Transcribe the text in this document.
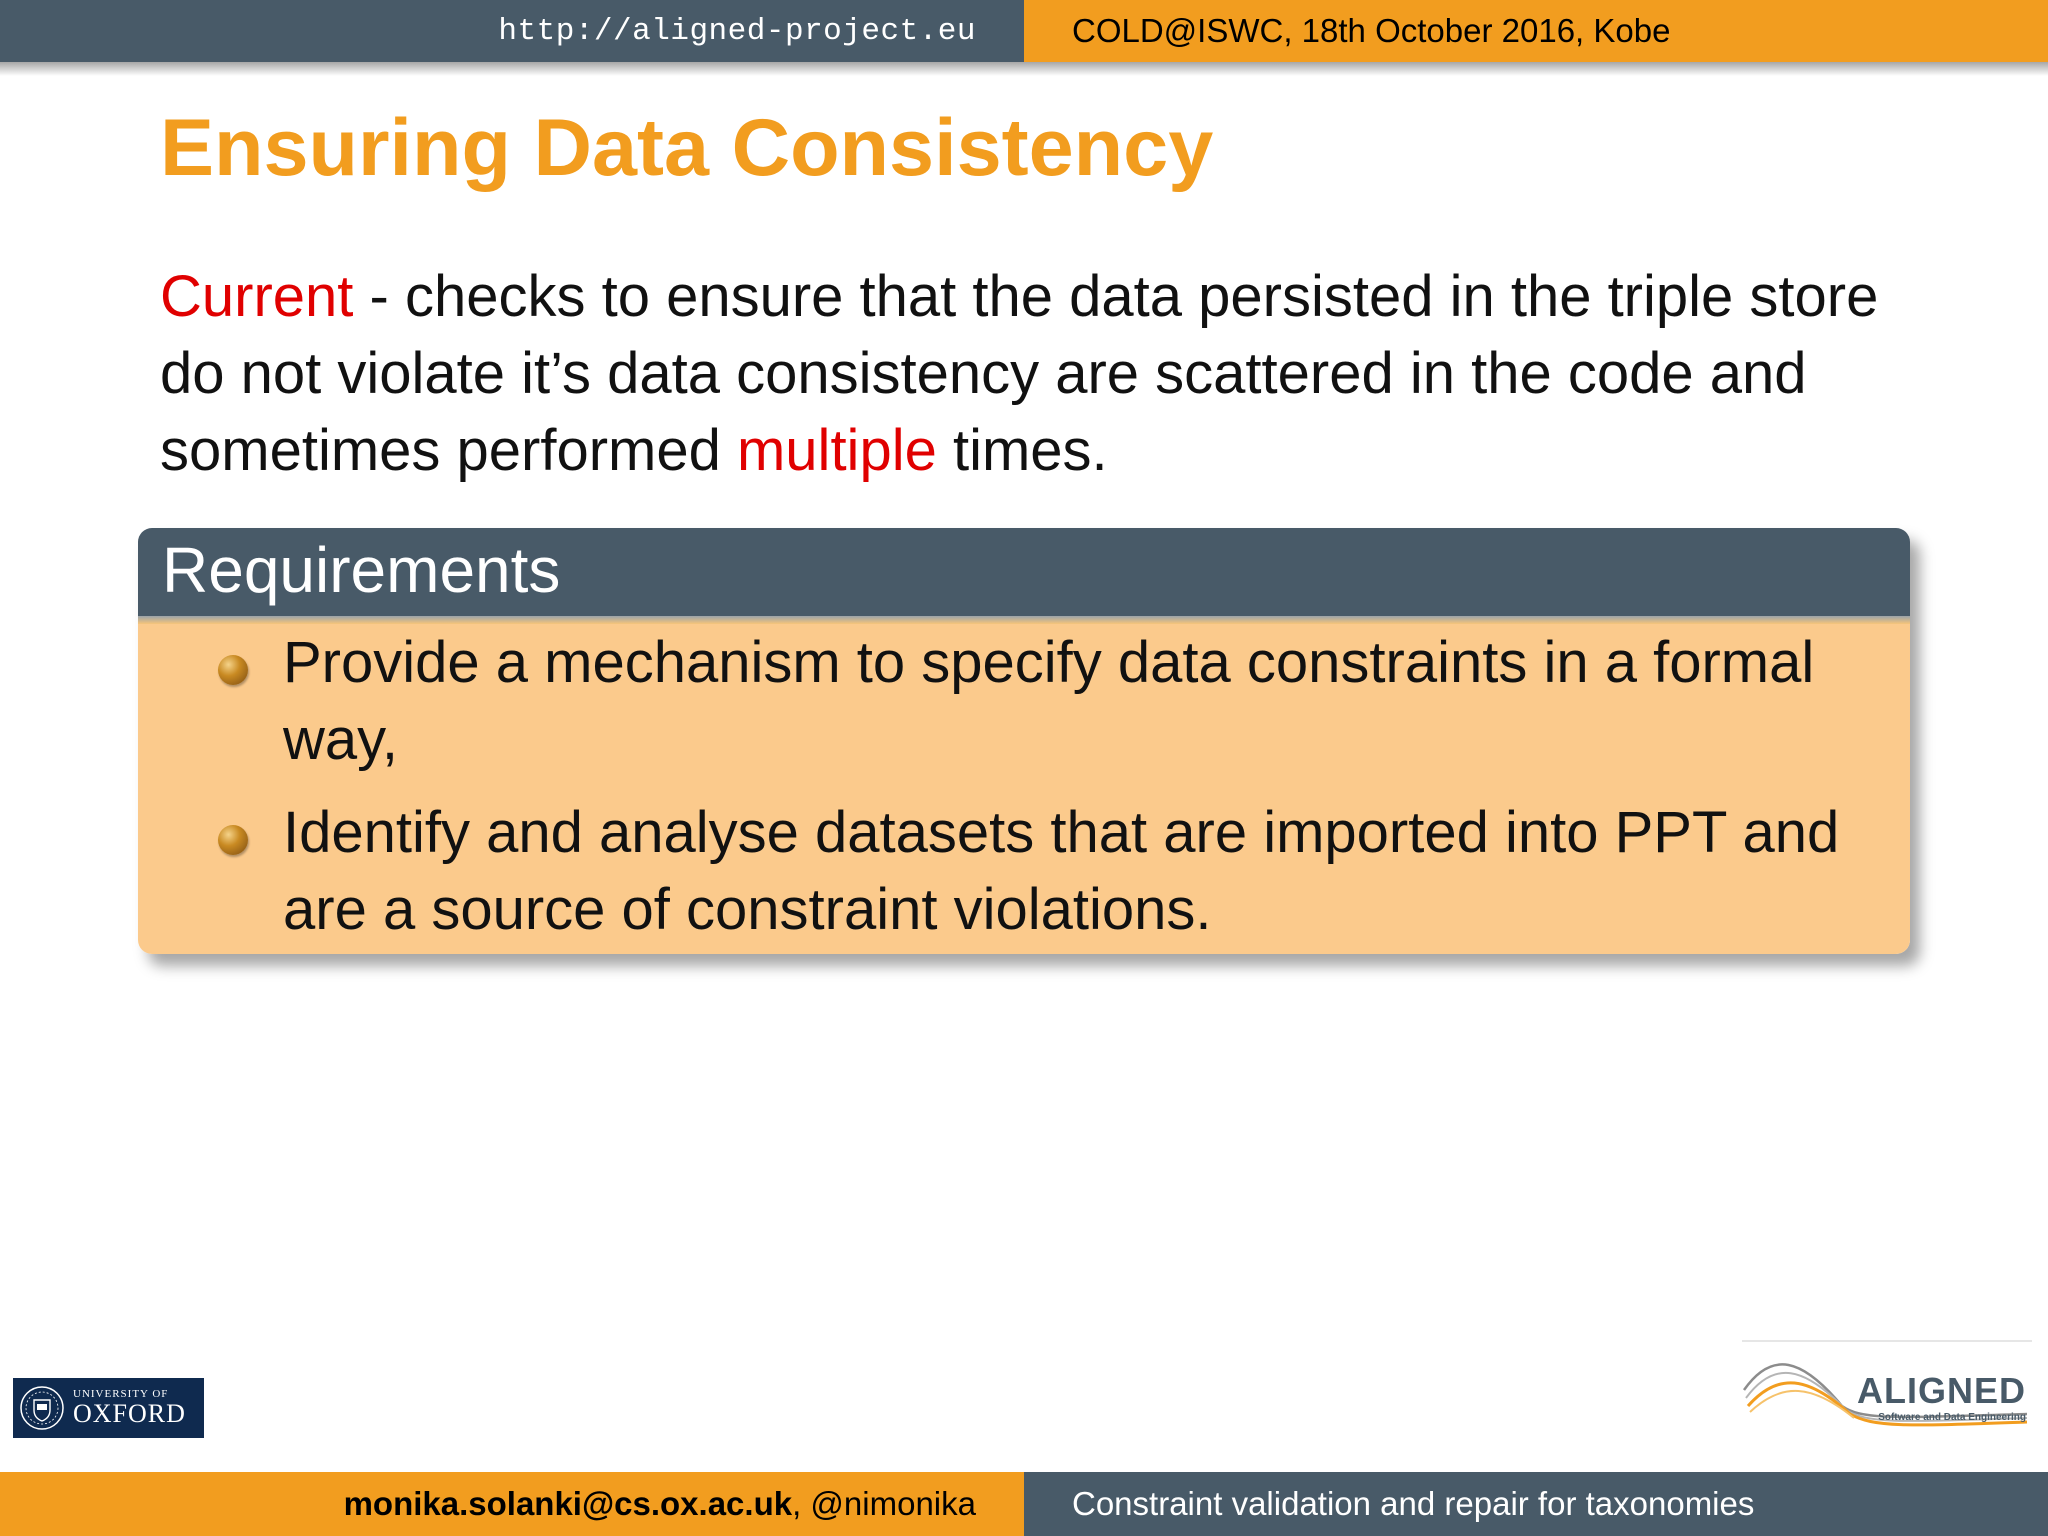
http://aligned-project.eu	COLD@ISWC, 18th October 2016, Kobe
Ensuring Data Consistency

Current - checks to ensure that the data persisted in the triple store do not violate it’s data consistency are scattered in the code and sometimes performed multiple times.

Requirements
Provide a mechanism to specify data constraints in a formal way,
Identify and analyse datasets that are imported into PPT and are a source of constraint violations.
UNIVERSITY OF
OXFORD
ALIGNED
Software and Data Engineering
monika.solanki@cs.ox.ac.uk , @nimonika	Constraint validation and repair for taxonomies
